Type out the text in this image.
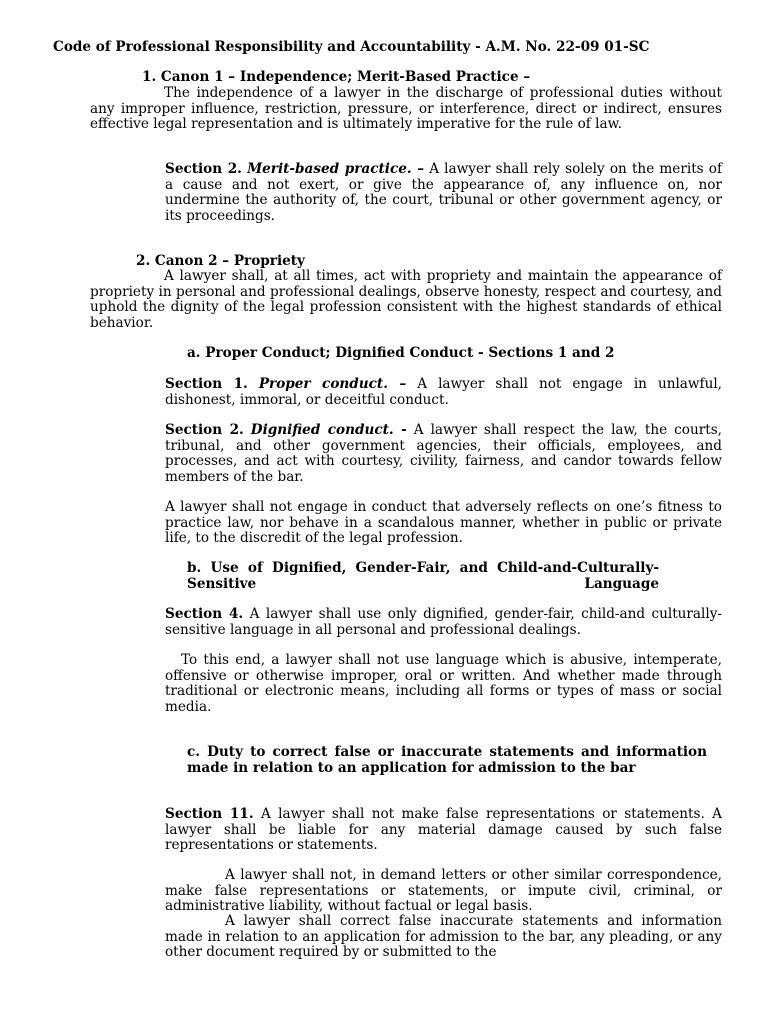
Code of Professional Responsibility and Accountability - A.M. No. 22-09 01-SC
1. Canon 1 – Independence; Merit-Based Practice –
The independence of a lawyer in the discharge of professional duties without any improper influence, restriction, pressure, or interference, direct or indirect, ensures effective legal representation and is ultimately imperative for the rule of law.
Section 2. Merit-based practice. – A lawyer shall rely solely on the merits of a cause and not exert, or give the appearance of, any influence on, nor undermine the authority of, the court, tribunal or other government agency, or its proceedings.
2. Canon 2 – Propriety
A lawyer shall, at all times, act with propriety and maintain the appearance of propriety in personal and professional dealings, observe honesty, respect and courtesy, and uphold the dignity of the legal profession consistent with the highest standards of ethical behavior.
a. Proper Conduct; Dignified Conduct - Sections 1 and 2
Section 1. Proper conduct. – A lawyer shall not engage in unlawful, dishonest, immoral, or deceitful conduct.
Section 2. Dignified conduct. - A lawyer shall respect the law, the courts, tribunal, and other government agencies, their officials, employees, and processes, and act with courtesy, civility, fairness, and candor towards fellow members of the bar.
A lawyer shall not engage in conduct that adversely reflects on one’s fitness to practice law, nor behave in a scandalous manner, whether in public or private life, to the discredit of the legal profession.
b. Use of Dignified, Gender-Fair, and Child-and-Culturally- Sensitive Language
Section 4. A lawyer shall use only dignified, gender-fair, child-and culturally-sensitive language in all personal and professional dealings.
To this end, a lawyer shall not use language which is abusive, intemperate, offensive or otherwise improper, oral or written. And whether made through traditional or electronic means, including all forms or types of mass or social media.
c. Duty to correct false or inaccurate statements and information made in relation to an application for admission to the bar
Section 11. A lawyer shall not make false representations or statements. A lawyer shall be liable for any material damage caused by such false representations or statements.
A lawyer shall not, in demand letters or other similar correspondence, make false representations or statements, or impute civil, criminal, or administrative liability, without factual or legal basis.
A lawyer shall correct false inaccurate statements and information made in relation to an application for admission to the bar, any pleading, or any other document required by or submitted to the
